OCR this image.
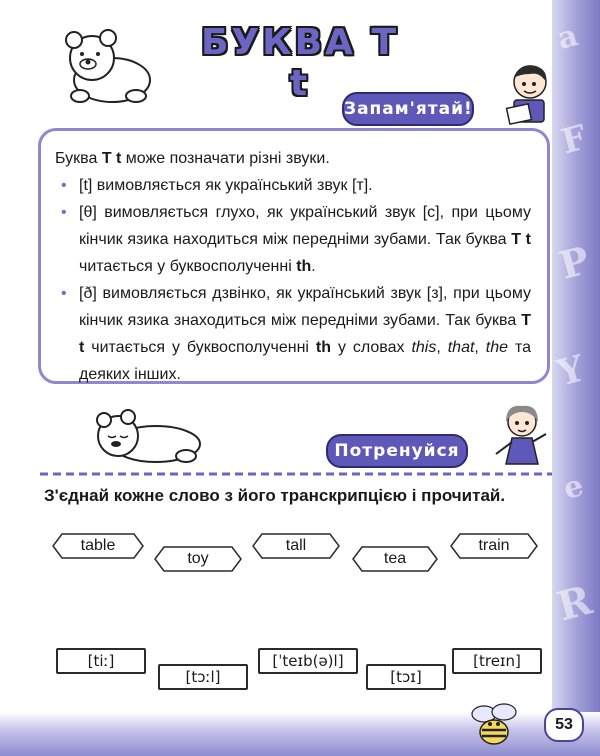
a
F
P
Y
e
R
БУКВА Т t
Запам'ятай!

Буква T t може позначати різні звуки.

• [t] вимовляється як український звук [т].
• [θ] вимовляється глухо, як український звук [с], при цьому кінчик язика находиться між передніми зубами. Так буква T t читається у буквосполученні th.
• [ð] вимовляється дзвінко, як український звук [з], при цьому кінчик язика знаходиться між передніми зубами. Так буква T t читається у буквосполученні th у словах this, that, the та деяких інших.
Потренуйся
З'єднай кожне слово з його транскрипцією і прочитай.
table
toy
tall
tea
train
[tiː]
[tɔːl]
[ˈteɪb(ə)l]
[tɔɪ]
[treɪn]
53
